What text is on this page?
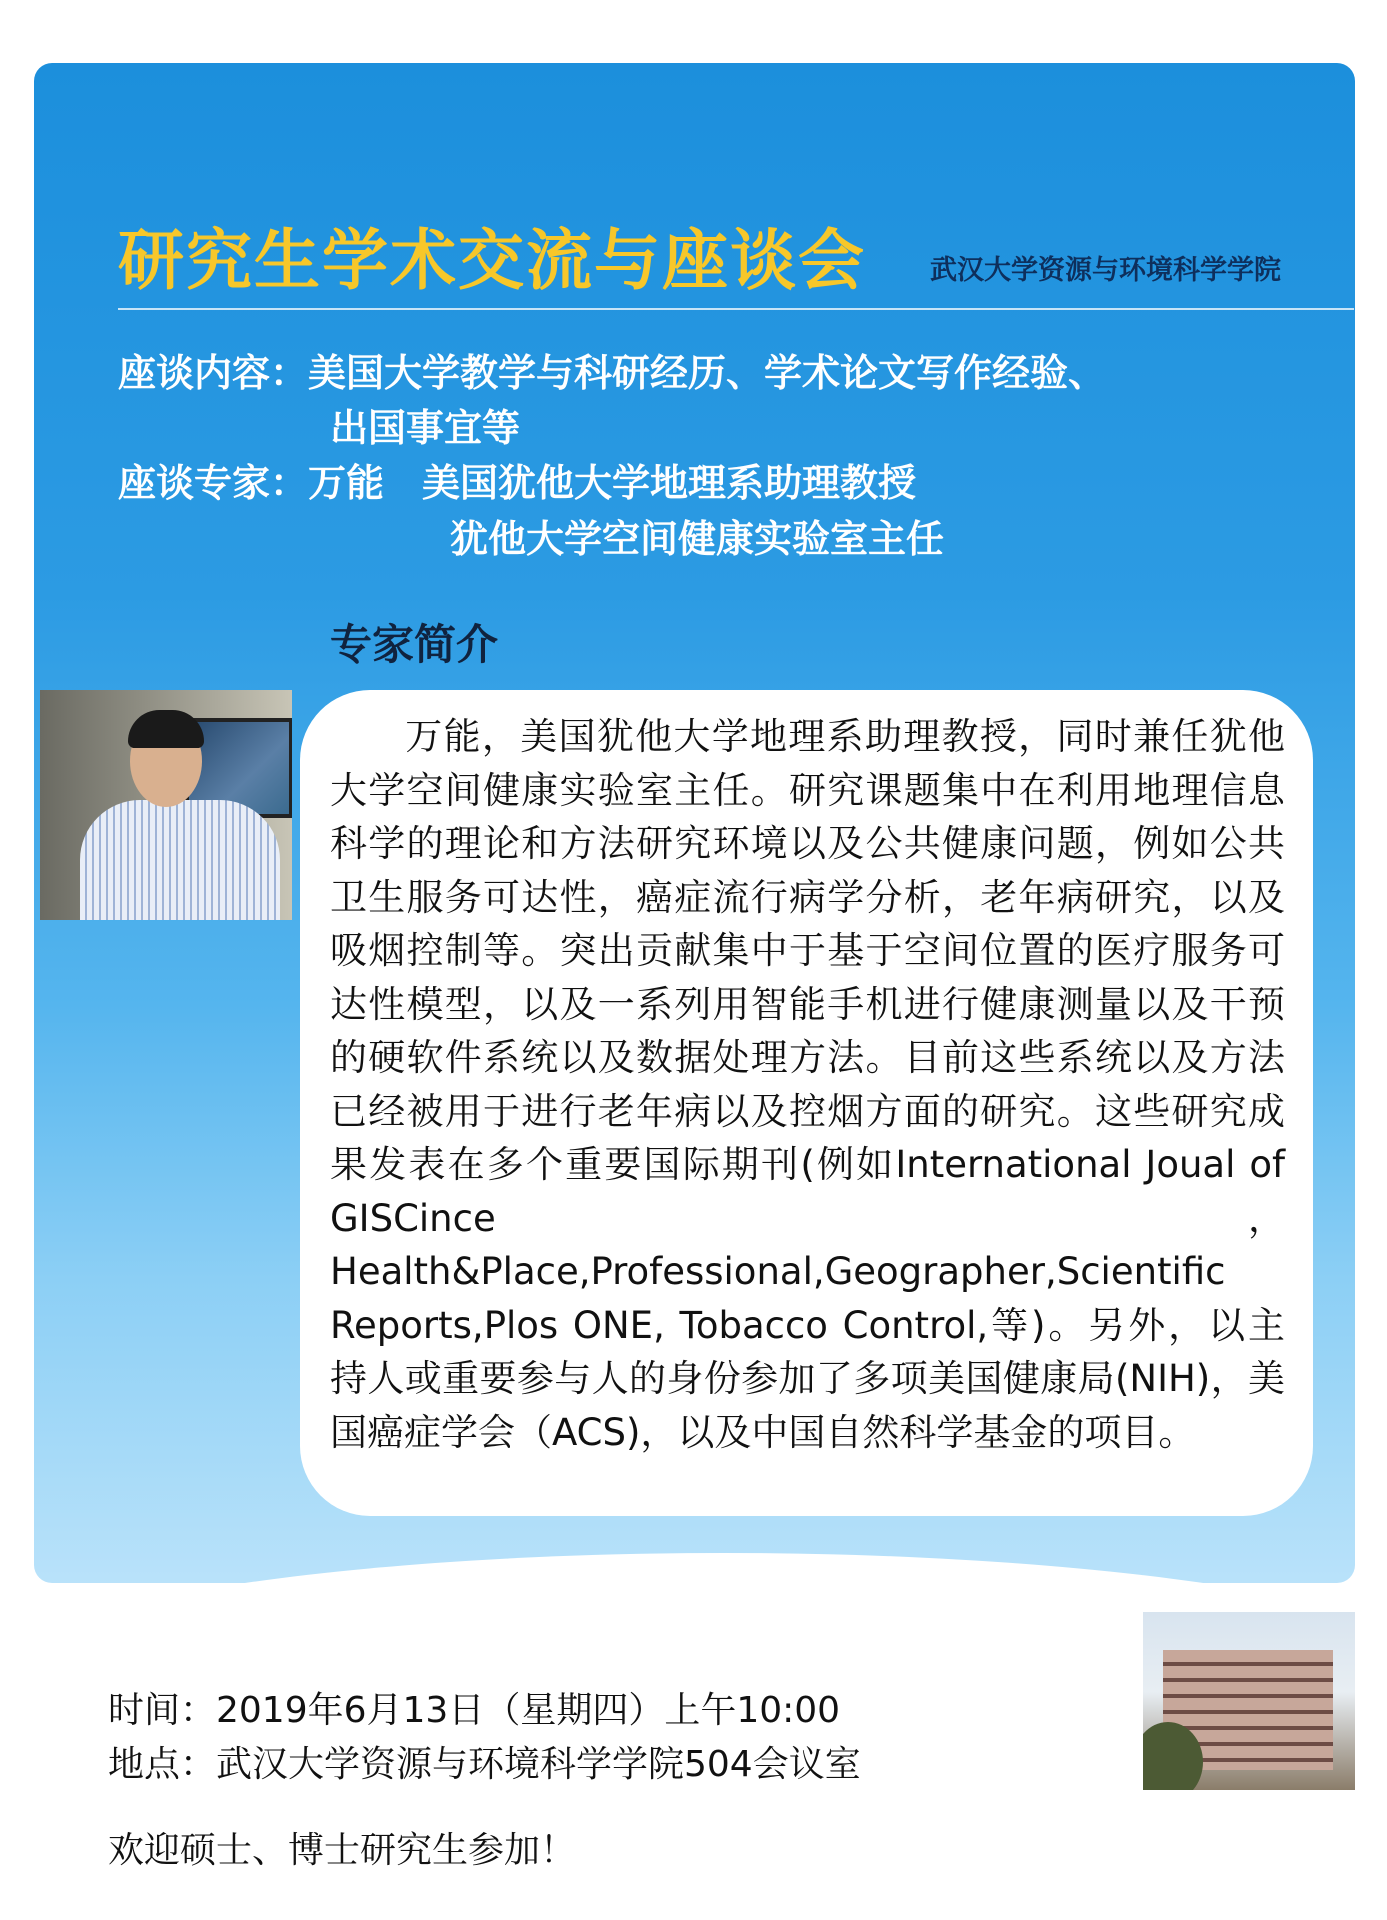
研究生学术交流与座谈会 武汉大学资源与环境科学学院
座谈内容：美国大学教学与科研经历、学术论文写作经验、
出国事宜等
座谈专家：万能　美国犹他大学地理系助理教授
犹他大学空间健康实验室主任
专家简介
万能，美国犹他大学地理系助理教授，同时兼任犹他大学空间健康实验室主任。研究课题集中在利用地理信息科学的理论和方法研究环境以及公共健康问题，例如公共卫生服务可达性，癌症流行病学分析，老年病研究，以及吸烟控制等。突出贡献集中于基于空间位置的医疗服务可达性模型，以及一系列用智能手机进行健康测量以及干预的硬软件系统以及数据处理方法。目前这些系统以及方法已经被用于进行老年病以及控烟方面的研究。这些研究成果发表在多个重要国际期刊(例如International Joual of GISCince，Health&Place,Professional,Geographer,Scientific Reports,Plos ONE, Tobacco Control,等)。另外，以主持人或重要参与人的身份参加了多项美国健康局(NIH)，美国癌症学会（ACS)，以及中国自然科学基金的项目。
时间：2019年6月13日（星期四）上午10:00
地点：武汉大学资源与环境科学学院504会议室
欢迎硕士、博士研究生参加！
